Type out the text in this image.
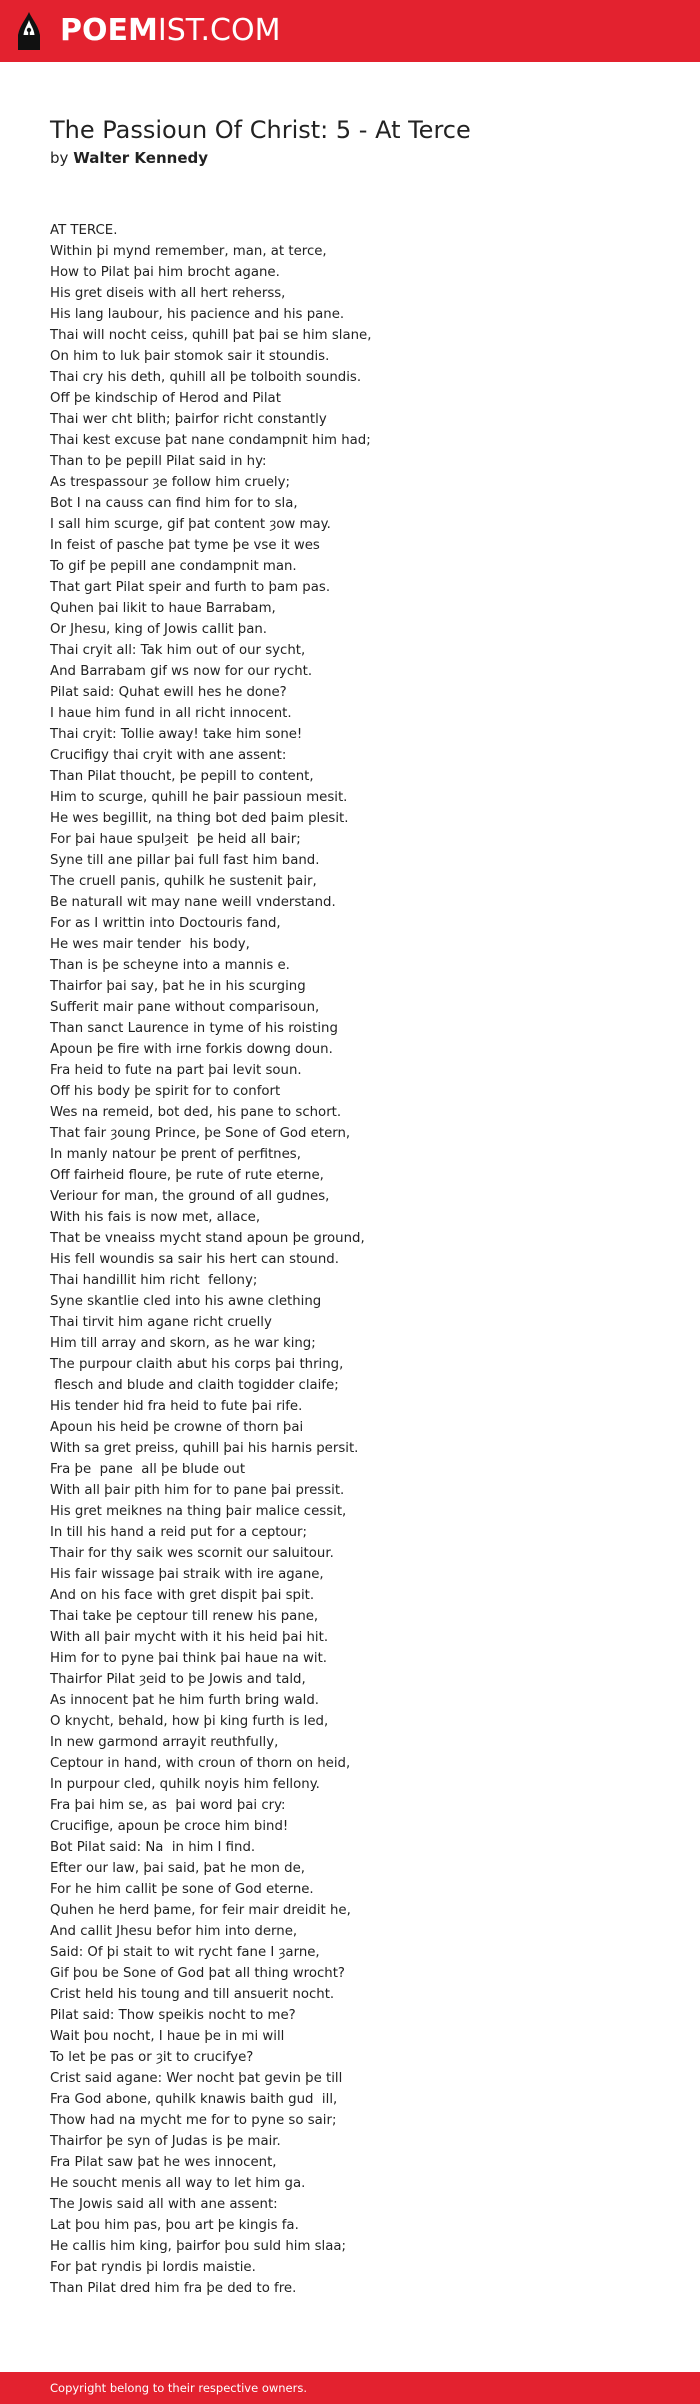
POEMIST.COM
The Passioun Of Christ: 5 - At Terce
by Walter Kennedy
AT TERCE.
Within þi mynd remember, man, at terce,
How to Pilat þai him brocht agane.
His gret diseis with all hert reherss,
His lang laubour, his pacience and his pane.
Thai will nocht ceiss, quhill þat þai se him slane,
On him to luk þair stomok sair it stoundis.
Thai cry his deth, quhill all þe tolboith soundis.
Off þe kindschip of Herod and Pilat
Thai wer cht blith; þairfor richt constantly
Thai kest excuse þat nane condampnit him had;
Than to þe pepill Pilat said in hy:
As trespassour ȝe follow him cruely;
Bot I na causs can find him for to sla,
I sall him scurge, gif þat content ȝow may.
In feist of pasche þat tyme þe vse it wes
To gif þe pepill ane condampnit man.
That gart Pilat speir and furth to þam pas.
Quhen þai likit to haue Barrabam,
Or Jhesu, king of Jowis callit þan.
Thai cryit all: Tak him out of our sycht,
And Barrabam gif ws now for our rycht.
Pilat said: Quhat ewill hes he done?
I haue him fund in all richt innocent.
Thai cryit: Tollie away! take him sone!
Crucifigy thai cryit with ane assent:
Than Pilat thoucht, þe pepill to content,
Him to scurge, quhill he þair passioun mesit.
He wes begillit, na thing bot ded þaim plesit.
For þai haue spulȝeit  þe heid all bair;
Syne till ane pillar þai full fast him band.
The cruell panis, quhilk he sustenit þair,
Be naturall wit may nane weill vnderstand.
For as I writtin into Doctouris fand,
He wes mair tender  his body,
Than is þe scheyne into a mannis e.
Thairfor þai say, þat he in his scurging
Sufferit mair pane without comparisoun,
Than sanct Laurence in tyme of his roisting
Apoun þe fire with irne forkis downg doun.
Fra heid to fute na part þai levit soun.
Off his body þe spirit for to confort
Wes na remeid, bot ded, his pane to schort.
That fair ȝoung Prince, þe Sone of God etern,
In manly natour þe prent of perfitnes,
Off fairheid floure, þe rute of rute eterne,
Veriour for man, the ground of all gudnes,
With his fais is now met, allace,
That be vneaiss mycht stand apoun þe ground,
His fell woundis sa sair his hert can stound.
Thai handillit him richt  fellony;
Syne skantlie cled into his awne clething
Thai tirvit him agane richt cruelly
Him till array and skorn, as he war king;
The purpour claith abut his corps þai thring,
flesch and blude and claith togidder claife;
His tender hid fra heid to fute þai rife.
Apoun his heid þe crowne of thorn þai
With sa gret preiss, quhill þai his harnis persit.
Fra þe  pane  all þe blude out
With all þair pith him for to pane þai pressit.
His gret meiknes na thing þair malice cessit,
In till his hand a reid put for a ceptour;
Thair for thy saik wes scornit our saluitour.
His fair wissage þai straik with ire agane,
And on his face with gret dispit þai spit.
Thai take þe ceptour till renew his pane,
With all þair mycht with it his heid þai hit.
Him for to pyne þai think þai haue na wit.
Thairfor Pilat ȝeid to þe Jowis and tald,
As innocent þat he him furth bring wald.
O knycht, behald, how þi king furth is led,
In new garmond arrayit reuthfully,
Ceptour in hand, with croun of thorn on heid,
In purpour cled, quhilk noyis him fellony.
Fra þai him se, as  þai word þai cry:
Crucifige, apoun þe croce him bind!
Bot Pilat said: Na  in him I find.
Efter our law, þai said, þat he mon de,
For he him callit þe sone of God eterne.
Quhen he herd þame, for feir mair dreidit he,
And callit Jhesu befor him into derne,
Said: Of þi stait to wit rycht fane I ȝarne,
Gif þou be Sone of God þat all thing wrocht?
Crist held his toung and till ansuerit nocht.
Pilat said: Thow speikis nocht to me?
Wait þou nocht, I haue þe in mi will
To let þe pas or ȝit to crucifye?
Crist said agane: Wer nocht þat gevin þe till
Fra God abone, quhilk knawis baith gud  ill,
Thow had na mycht me for to pyne so sair;
Thairfor þe syn of Judas is þe mair.
Fra Pilat saw þat he wes innocent,
He soucht menis all way to let him ga.
The Jowis said all with ane assent:
Lat þou him pas, þou art þe kingis fa.
He callis him king, þairfor þou suld him slaa;
For þat ryndis þi lordis maistie.
Than Pilat dred him fra þe ded to fre.
Copyright belong to their respective owners.
